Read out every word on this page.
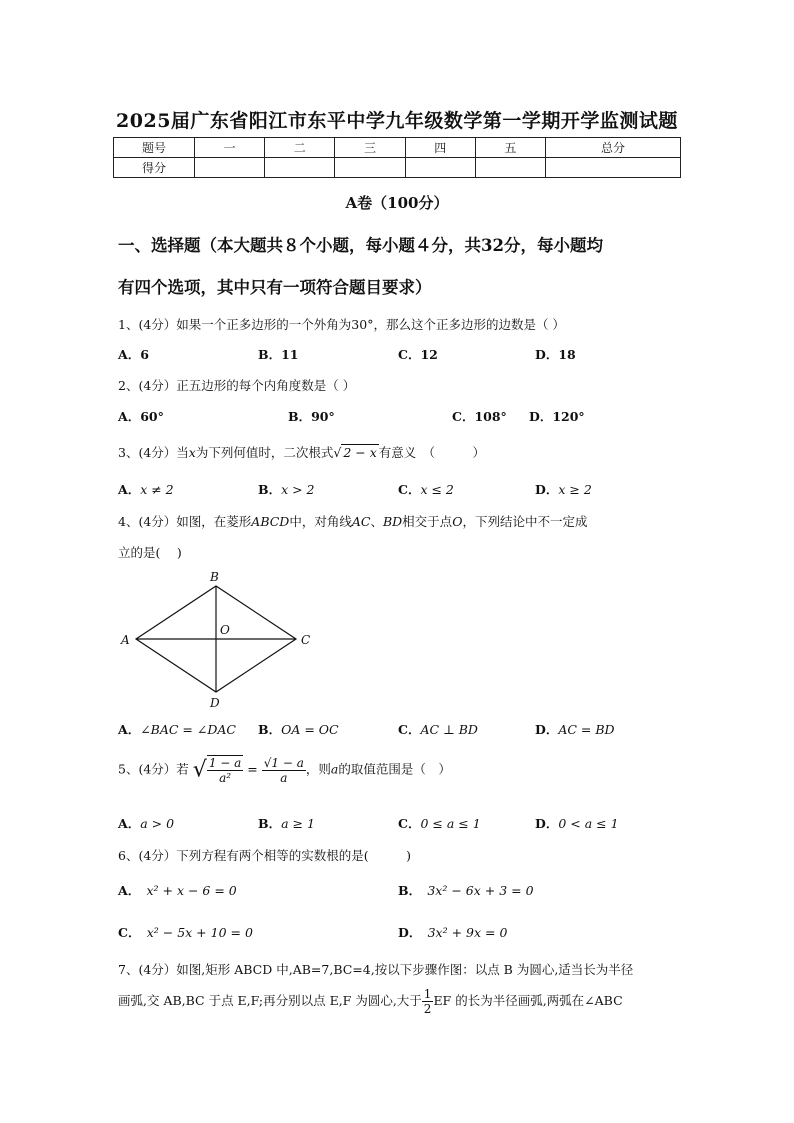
2025届广东省阳江市东平中学九年级数学第一学期开学监测试题
题号	一	二	三	四	五	总分
得分						
A卷（100分）
一、选择题（本大题共８个小题，每小题４分，共32分，每小题均
有四个选项，其中只有一项符合题目要求）
1、(4分）如果一个正多边形的一个外角为30°，那么这个正多边形的边数是（ ）
A．6	B．11	C．12	D．18
2、(4分）正五边形的每个内角度数是（ ）
A．60°	B．90°	C．108° D．120°
3、(4分）当x为下列何值时，二次根式√ 2 − x 有意义　（　　　）
A．x ≠ 2	B．x > 2	C．x ≤ 2	D．x ≥ 2
4、(4分）如图，在菱形ABCD中，对角线AC、BD相交于点O，下列结论中不一定成
立的是(　 )
A
B
C
D
O
A．∠BAC = ∠DAC B．OA = OC	C．AC ⊥ BD	D．AC = BD
5、(4分）若 √ $\frac{1 - a}{\text{a²}} = \frac{√1 - a}{a}$ ，则a的取值范围是（　）
A．a > 0	B．a ≥ 1	C．0 ≤ a ≤ 1	D．0 < a ≤ 1
6、(4分）下列方程有两个相等的实数根的是(　　　)
A．　 x² + x − 6 = 0	B．　 3x² − 6x + 3 = 0
C．　 x² − 5x + 10 = 0	D．　 3x² + 9x = 0
7、(4分）如图,矩形 ABCD 中,AB=7,BC=4,按以下步骤作图：以点 B 为圆心,适当长为半径
画弧,交 AB,BC 于点 E,F;再分别以点 E,F 为圆心,大于 $\frac{1}{2}$ EF 的长为半径画弧,两弧在∠ABC
